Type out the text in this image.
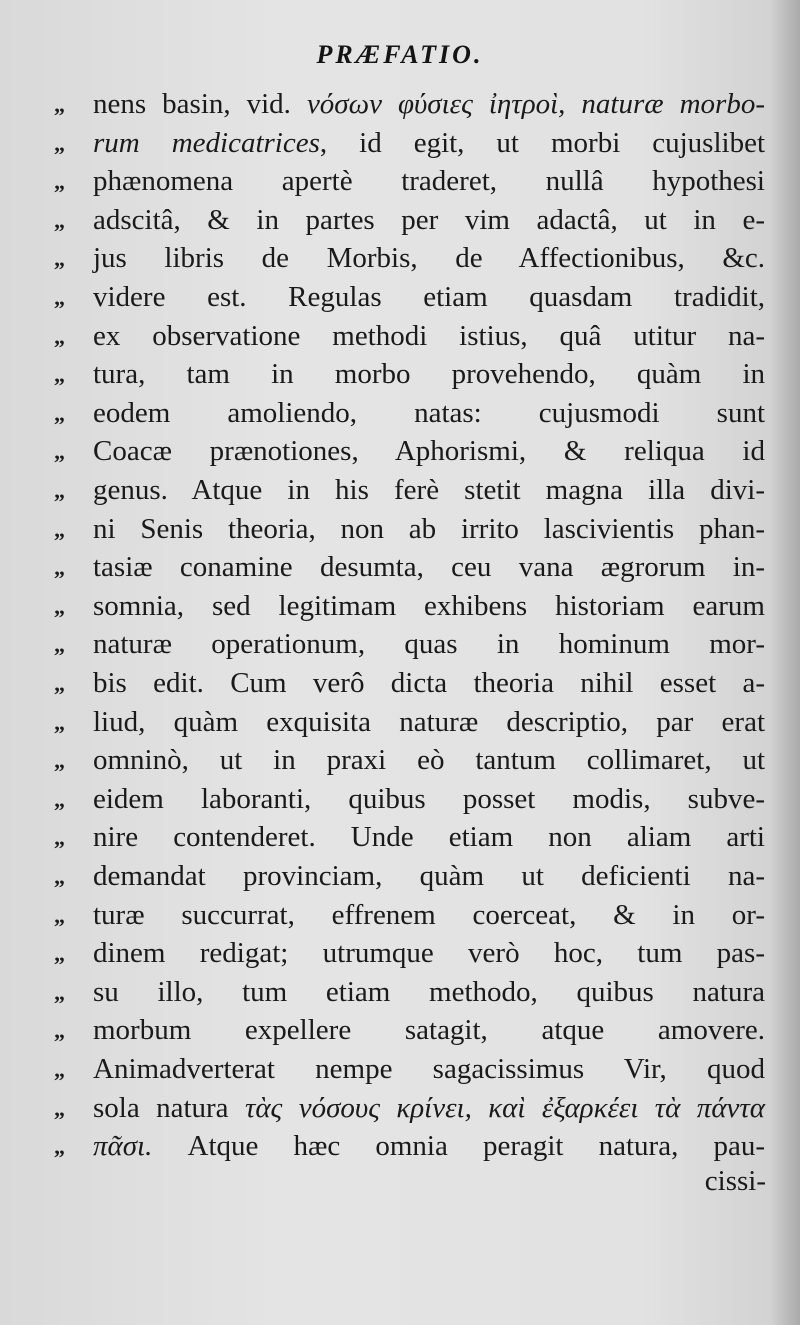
PRÆFATIO.
„ nens basin, vid. νόσων φύσιες ἰητροὶ, naturæ morbo-
„ rum medicatrices, id egit, ut morbi cujuslibet
„ phænomena apertè traderet, nullâ hypothesi
„ adscitâ, & in partes per vim adactâ, ut in e-
„ jus libris de Morbis, de Affectionibus, &c.
„ videre est. Regulas etiam quasdam tradidit,
„ ex observatione methodi istius, quâ utitur na-
„ tura, tam in morbo provehendo, quàm in
„ eodem amoliendo, natas: cujusmodi sunt
„ Coacæ prænotiones, Aphorismi, & reliqua id
„ genus. Atque in his ferè stetit magna illa divi-
„ ni Senis theoria, non ab irrito lascivientis phan-
„ tasiæ conamine desumta, ceu vana ægrorum in-
„ somnia, sed legitimam exhibens historiam earum
„ naturæ operationum, quas in hominum mor-
„ bis edit. Cum verô dicta theoria nihil esset a-
„ liud, quàm exquisita naturæ descriptio, par erat
„ omninò, ut in praxi eò tantum collimaret, ut
„ eidem laboranti, quibus posset modis, subve-
„ nire contenderet. Unde etiam non aliam arti
„ demandat provinciam, quàm ut deficienti na-
„ turæ succurrat, effrenem coerceat, & in or-
„ dinem redigat; utrumque verò hoc, tum pas-
„ su illo, tum etiam methodo, quibus natura
„ morbum expellere satagit, atque amovere.
„ Animadverterat nempe sagacissimus Vir, quod
„ sola natura τὰς νόσους κρίνει, καὶ ἐξαρκέει τὰ πάντα
„ πᾶσι. Atque hæc omnia peragit natura, pau-
cissi-
